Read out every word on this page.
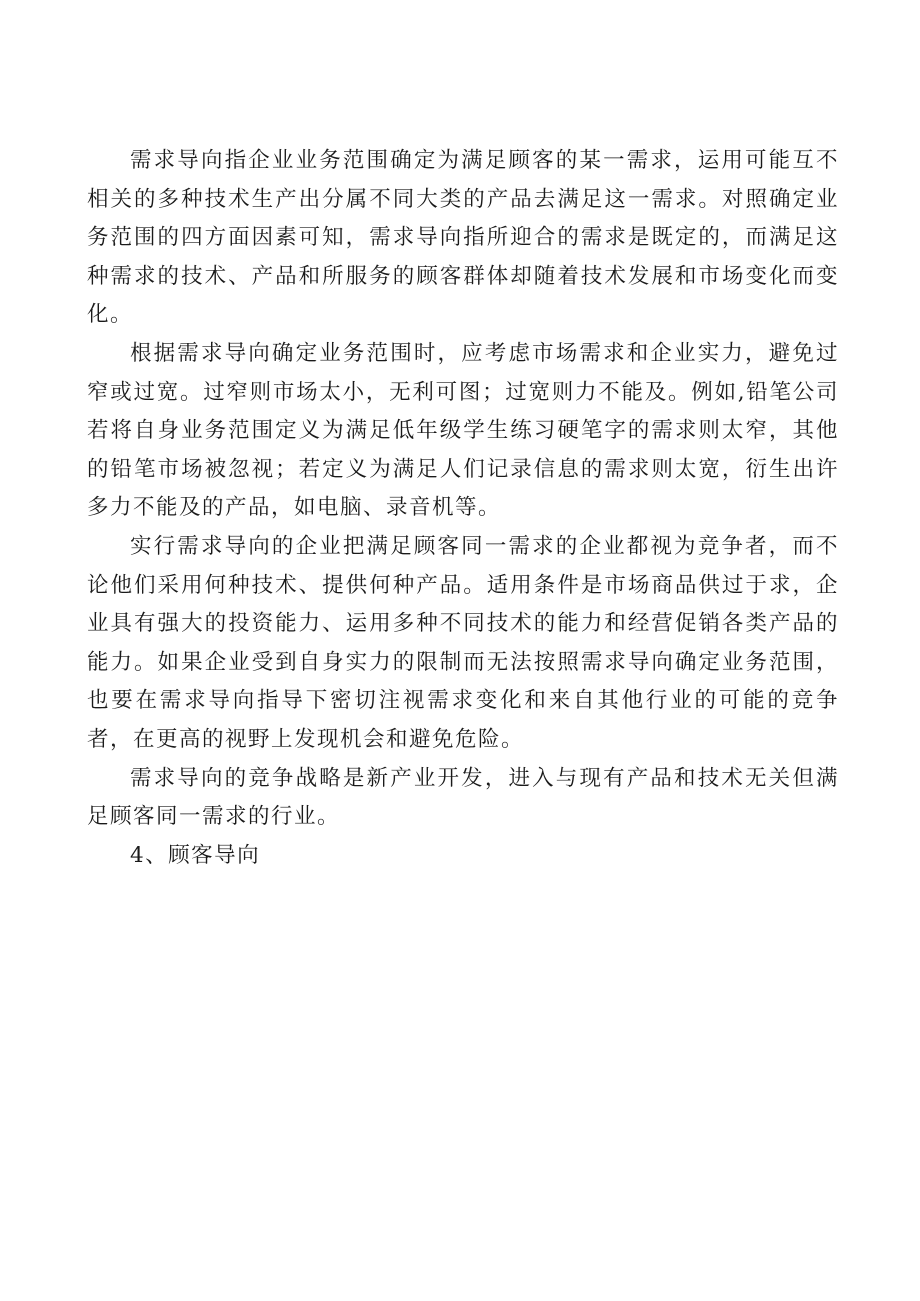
需求导向指企业业务范围确定为满足顾客的某一需求，运用可能互不相关的多种技术生产出分属不同大类的产品去满足这一需求。对照确定业务范围的四方面因素可知，需求导向指所迎合的需求是既定的，而满足这种需求的技术、产品和所服务的顾客群体却随着技术发展和市场变化而变化。

根据需求导向确定业务范围时，应考虑市场需求和企业实力，避免过窄或过宽。过窄则市场太小，无利可图；过宽则力不能及。例如,铅笔公司若将自身业务范围定义为满足低年级学生练习硬笔字的需求则太窄，其他的铅笔市场被忽视；若定义为满足人们记录信息的需求则太宽，衍生出许多力不能及的产品，如电脑、录音机等。

实行需求导向的企业把满足顾客同一需求的企业都视为竞争者，而不论他们采用何种技术、提供何种产品。适用条件是市场商品供过于求，企业具有强大的投资能力、运用多种不同技术的能力和经营促销各类产品的能力。如果企业受到自身实力的限制而无法按照需求导向确定业务范围，也要在需求导向指导下密切注视需求变化和来自其他行业的可能的竞争者，在更高的视野上发现机会和避免危险。

需求导向的竞争战略是新产业开发，进入与现有产品和技术无关但满足顾客同一需求的行业。

4、顾客导向
